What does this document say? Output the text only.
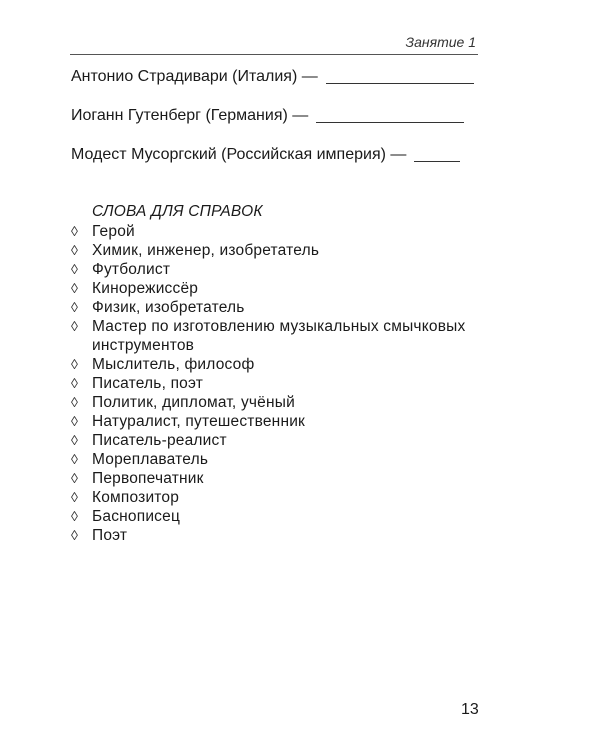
Занятие 1
Антонио Страдивари (Италия) —
Иоганн Гутенберг (Германия) —
Модест Мусоргский (Российская империя) —
СЛОВА ДЛЯ СПРАВОК
◊ Герой
◊ Химик, инженер, изобретатель
◊ Футболист
◊ Кинорежиссёр
◊ Физик, изобретатель
◊ Мастер по изготовлению музыкальных смычковых инструментов
◊ Мыслитель, философ
◊ Писатель, поэт
◊ Политик, дипломат, учёный
◊ Натуралист, путешественник
◊ Писатель-реалист
◊ Мореплаватель
◊ Первопечатник
◊ Композитор
◊ Баснописец
◊ Поэт
13
